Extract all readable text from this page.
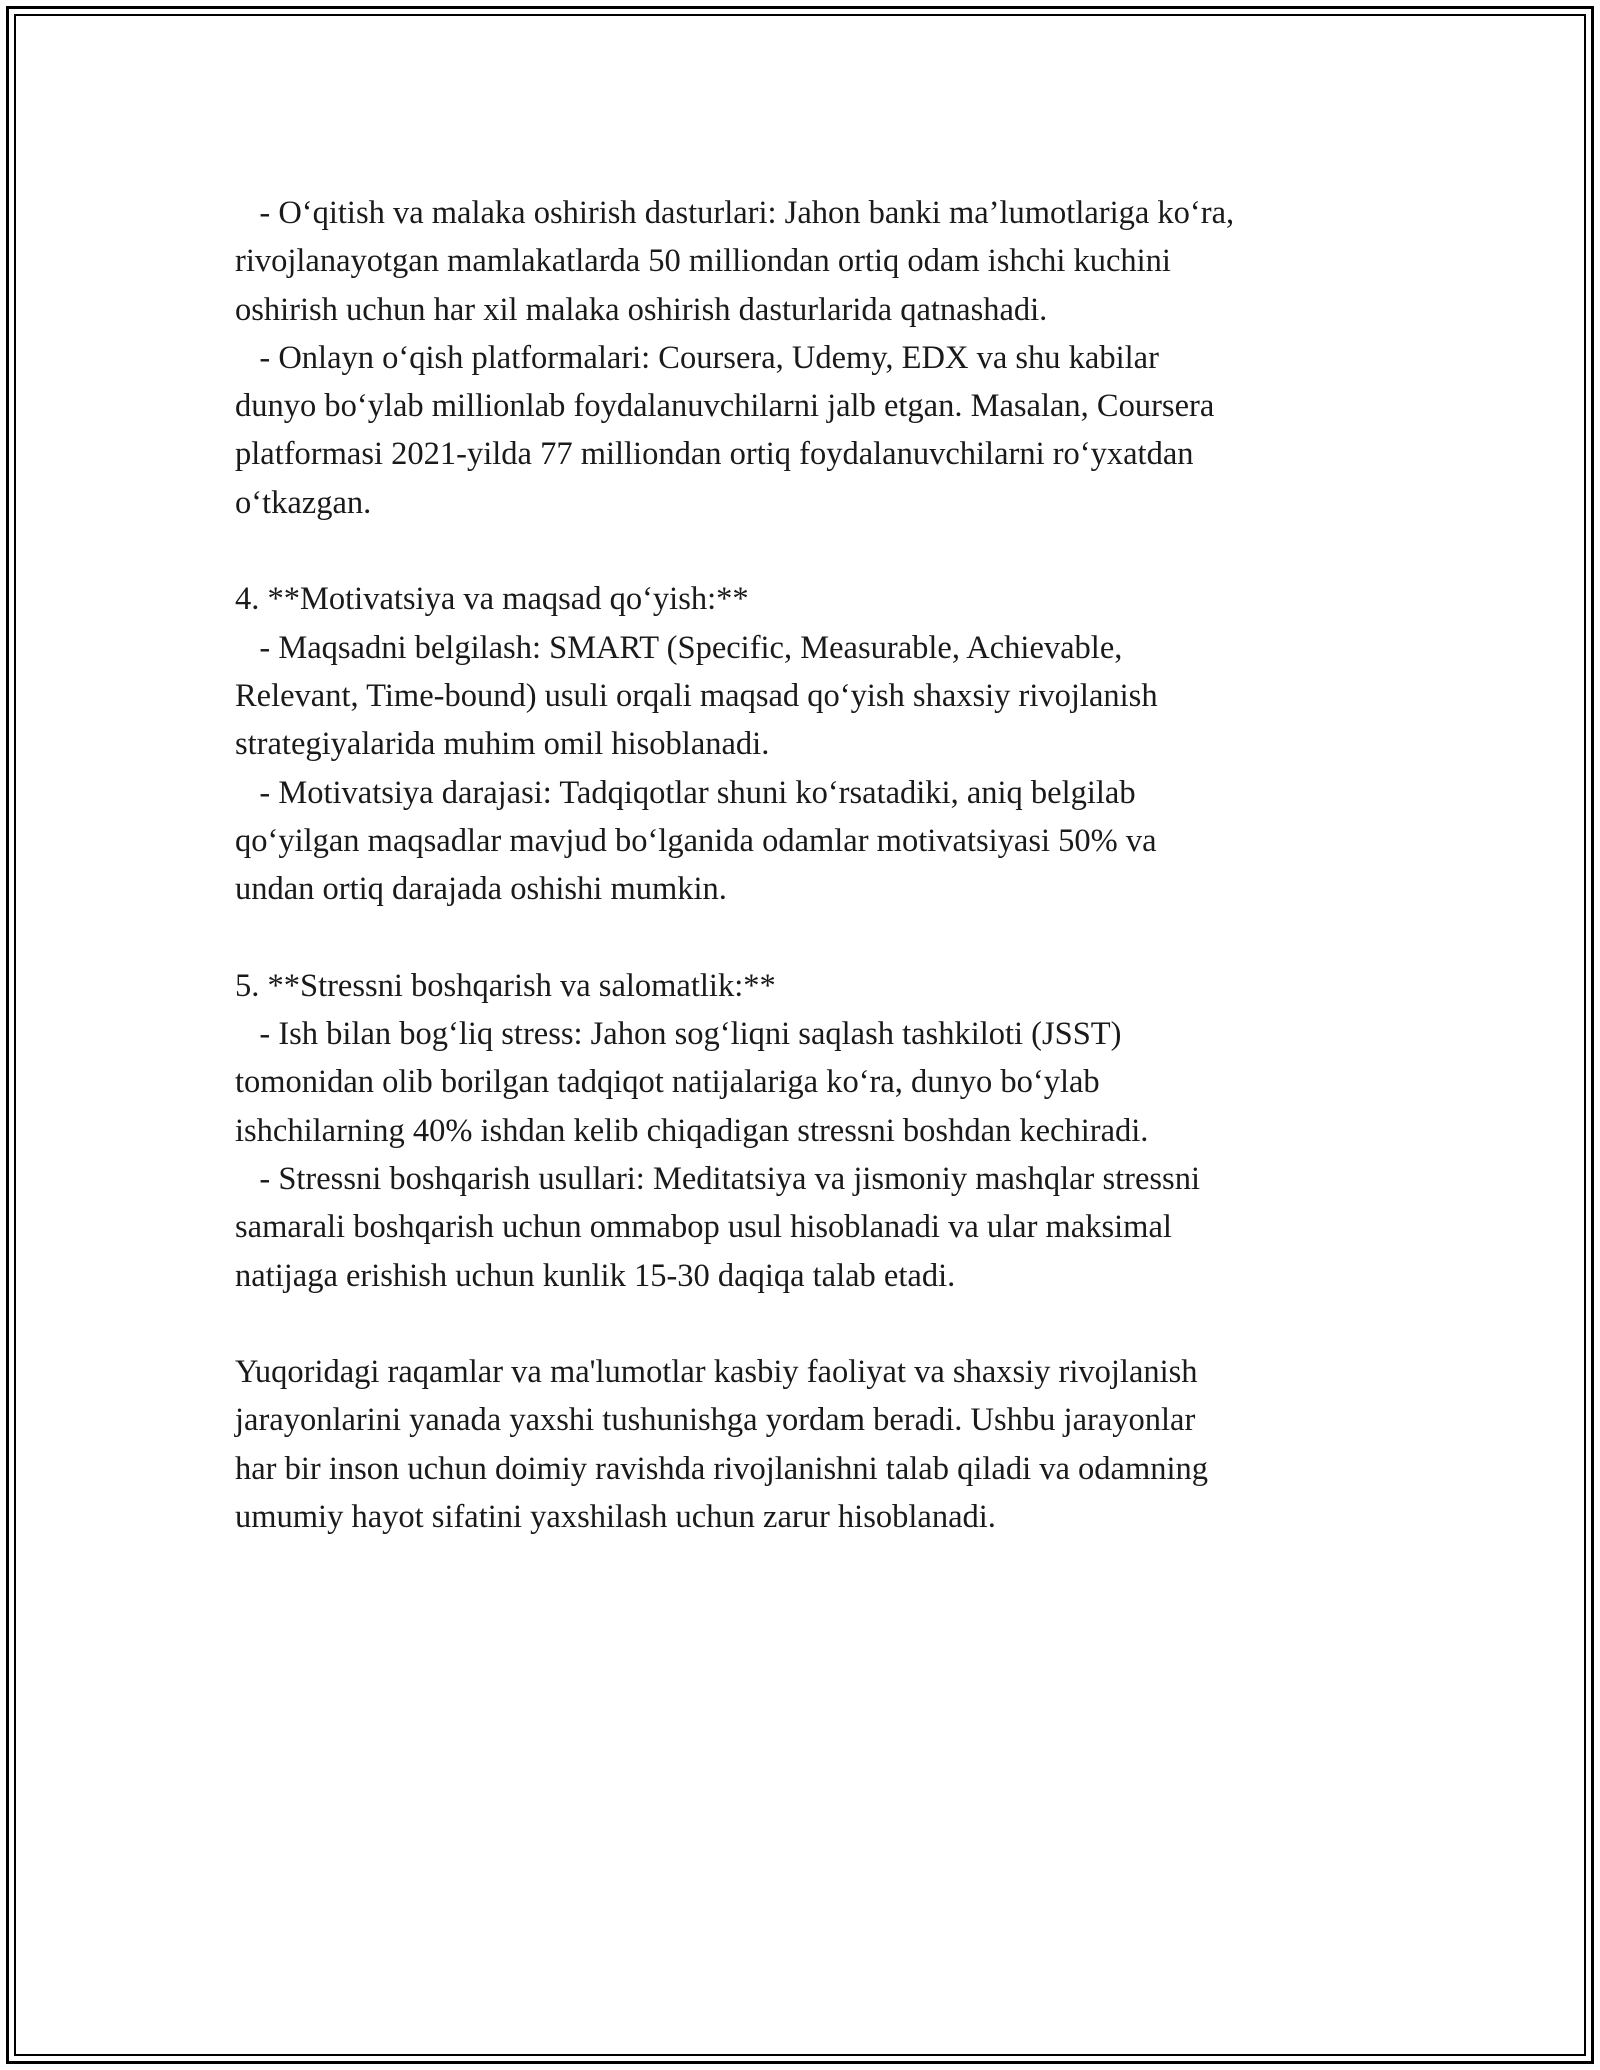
- O‘qitish va malaka oshirish dasturlari: Jahon banki ma’lumotlariga ko‘ra,
rivojlanayotgan mamlakatlarda 50 milliondan ortiq odam ishchi kuchini
oshirish uchun har xil malaka oshirish dasturlarida qatnashadi.
- Onlayn o‘qish platformalari: Coursera, Udemy, EDX va shu kabilar
dunyo bo‘ylab millionlab foydalanuvchilarni jalb etgan. Masalan, Coursera
platformasi 2021-yilda 77 milliondan ortiq foydalanuvchilarni ro‘yxatdan
o‘tkazgan.
4. **Motivatsiya va maqsad qo‘yish:**
- Maqsadni belgilash: SMART (Specific, Measurable, Achievable,
Relevant, Time-bound) usuli orqali maqsad qo‘yish shaxsiy rivojlanish
strategiyalarida muhim omil hisoblanadi.
- Motivatsiya darajasi: Tadqiqotlar shuni ko‘rsatadiki, aniq belgilab
qo‘yilgan maqsadlar mavjud bo‘lganida odamlar motivatsiyasi 50% va
undan ortiq darajada oshishi mumkin.
5. **Stressni boshqarish va salomatlik:**
- Ish bilan bog‘liq stress: Jahon sog‘liqni saqlash tashkiloti (JSST)
tomonidan olib borilgan tadqiqot natijalariga ko‘ra, dunyo bo‘ylab
ishchilarning 40% ishdan kelib chiqadigan stressni boshdan kechiradi.
- Stressni boshqarish usullari: Meditatsiya va jismoniy mashqlar stressni
samarali boshqarish uchun ommabop usul hisoblanadi va ular maksimal
natijaga erishish uchun kunlik 15-30 daqiqa talab etadi.
Yuqoridagi raqamlar va ma'lumotlar kasbiy faoliyat va shaxsiy rivojlanish
jarayonlarini yanada yaxshi tushunishga yordam beradi. Ushbu jarayonlar
har bir inson uchun doimiy ravishda rivojlanishni talab qiladi va odamning
umumiy hayot sifatini yaxshilash uchun zarur hisoblanadi.
